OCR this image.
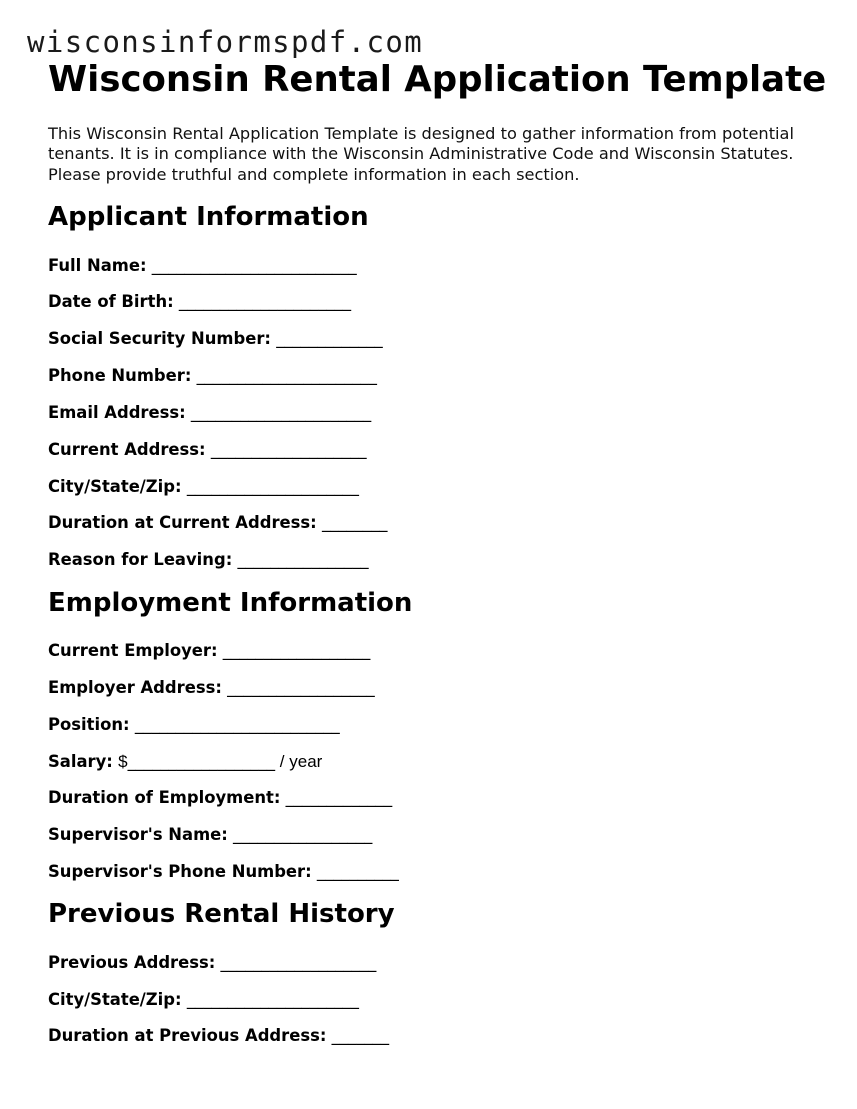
wisconsinformspdf.com
Wisconsin Rental Application Template

This Wisconsin Rental Application Template is designed to gather information from potential tenants. It is in compliance with the Wisconsin Administrative Code and Wisconsin Statutes. Please provide truthful and complete information in each section.

Applicant Information
Full Name: _________________________
Date of Birth: _____________________
Social Security Number: _____________
Phone Number: ______________________
Email Address: ______________________
Current Address: ___________________
City/State/Zip: _____________________
Duration at Current Address: ________
Reason for Leaving: ________________
Employment Information
Current Employer: __________________
Employer Address: __________________
Position: _________________________
Salary: $__________________ / year
Duration of Employment: _____________
Supervisor's Name: _________________
Supervisor's Phone Number: __________
Previous Rental History
Previous Address: ___________________
City/State/Zip: _____________________
Duration at Previous Address: _______
